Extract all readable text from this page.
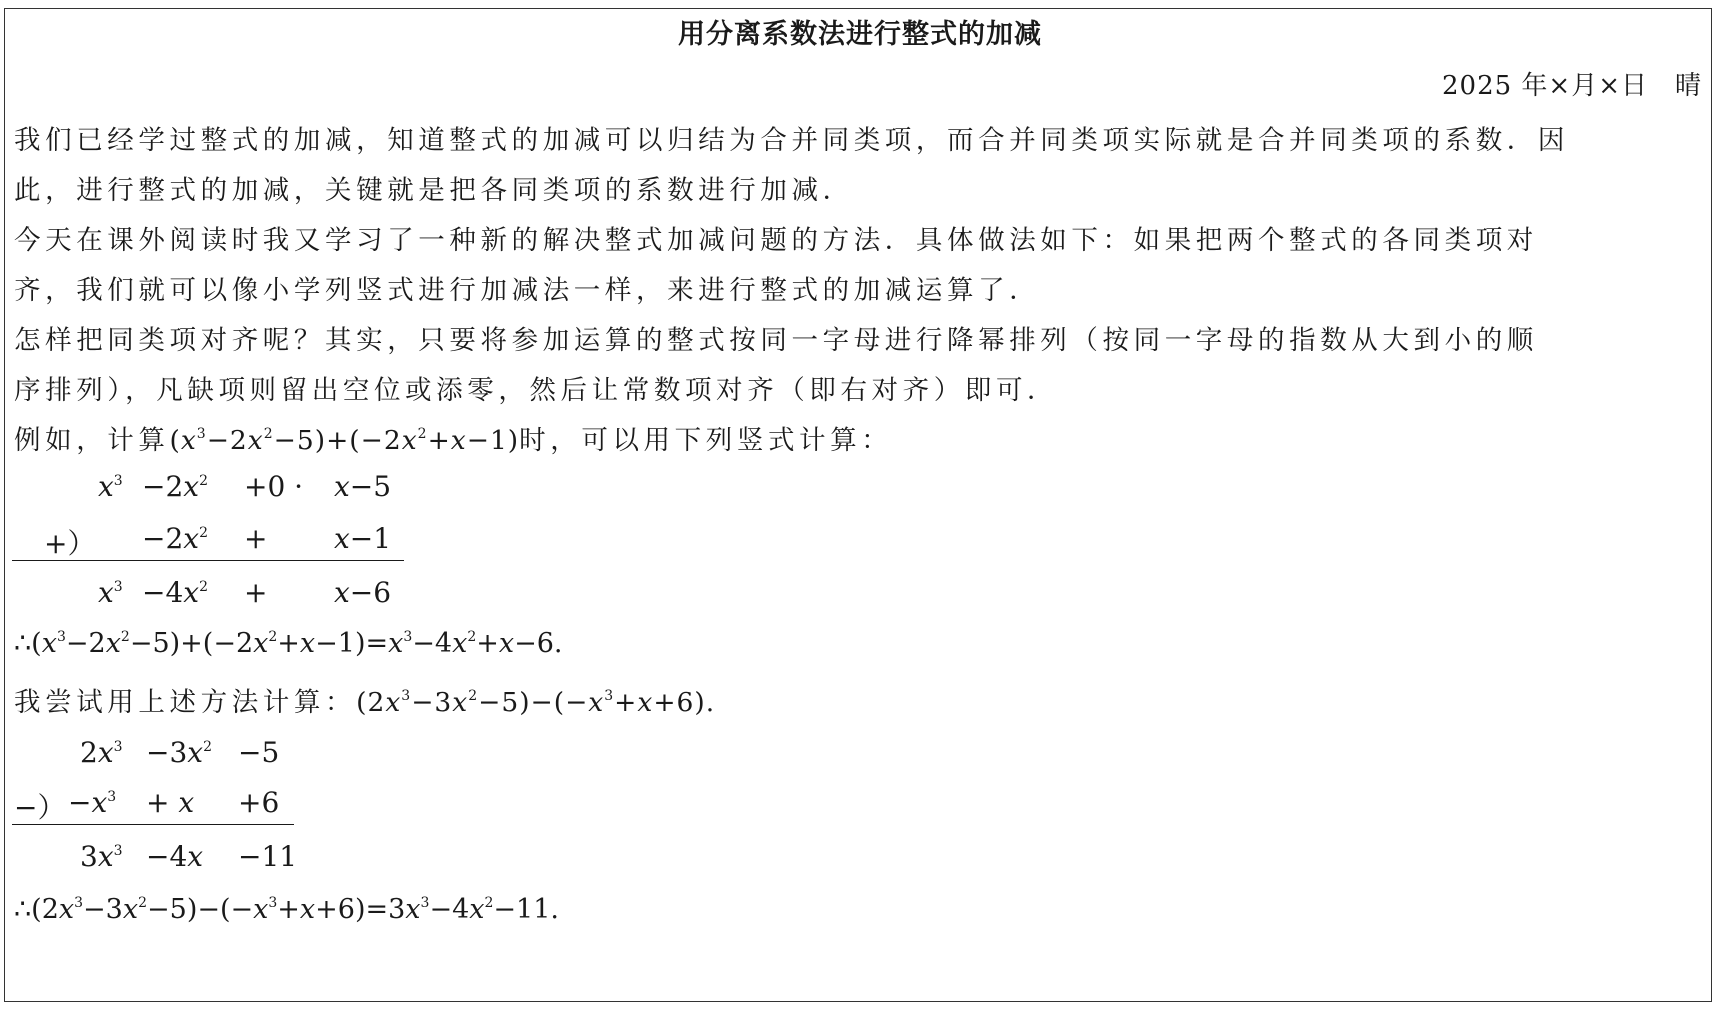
用分离系数法进行整式的加减
2025 年×月×日　晴
我们已经学过整式的加减，知道整式的加减可以归结为合并同类项，而合并同类项实际就是合并同类项的系数．因
此，进行整式的加减，关键就是把各同类项的系数进行加减．
今天在课外阅读时我又学习了一种新的解决整式加减问题的方法．具体做法如下：如果把两个整式的各同类项对
齐，我们就可以像小学列竖式进行加减法一样，来进行整式的加减运算了．
怎样把同类项对齐呢？其实，只要将参加运算的整式按同一字母进行降幂排列（按同一字母的指数从大到小的顺
序排列），凡缺项则留出空位或添零，然后让常数项对齐（即右对齐）即可．
例如，计算$(x^3-2x^2-5)+(-2x^2+x-1)$时，可以用下列竖式计算：
$x^3 -2x^2 +0 \cdot x-5$
+） $-2x^2 + x-1$
$x^3 -4x^2 + x-6$
$\therefore(x^3-2x^2-5)+(-2x^2+x-1)=x^3-4x^2+x-6$.
我尝试用上述方法计算：$(2x^3-3x^2-5)-(-x^3+x+6)$.
$2x^3 -3x^2 -5$
−） $-x^3 + x +6$
$3x^3 -4x -11$
$\therefore(2x^3-3x^2-5)-(-x^3+x+6)=3x^3-4x^2-11$.
